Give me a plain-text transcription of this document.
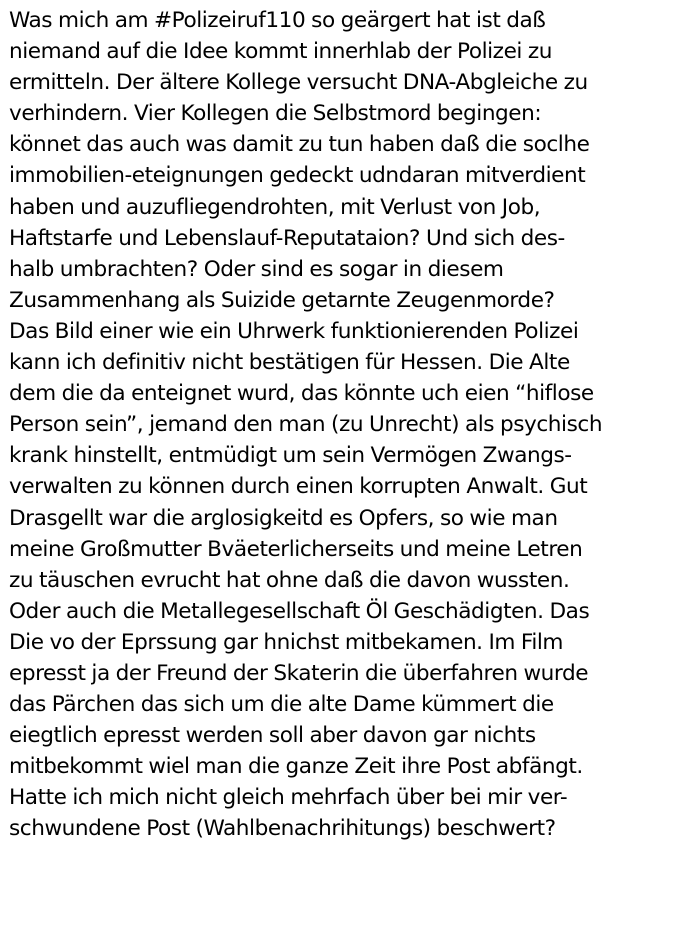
Was mich am #Polizeiruf110 so geärgert hat ist daß
niemand auf die Idee kommt innerhlab der Polizei zu
ermitteln. Der ältere Kollege versucht DNA-Abgleiche zu
verhindern. Vier Kollegen die Selbstmord begingen:
könnet das auch was damit zu tun haben daß die soclhe
immobilien-eteignungen gedeckt udndaran mitverdient
haben und auzufliegendrohten, mit Verlust von Job,
Haftstarfe und Lebenslauf-Reputataion? Und sich des-
halb umbrachten? Oder sind es sogar in diesem
Zusammenhang als Suizide getarnte Zeugenmorde?
Das Bild einer wie ein Uhrwerk funktionierenden Polizei
kann ich definitiv nicht bestätigen für Hessen. Die Alte
dem die da enteignet wurd, das könnte uch eien “hiflose
Person sein”, jemand den man (zu Unrecht) als psychisch
krank hinstellt, entmüdigt um sein Vermögen Zwangs-
verwalten zu können durch einen korrupten Anwalt. Gut
Drasgellt war die arglosigkeitd es Opfers, so wie man
meine Großmutter Bväeterlicherseits und meine Letren
zu täuschen evrucht hat ohne daß die davon wussten.
Oder auch die Metallegesellschaft Öl Geschädigten. Das
Die vo der Eprssung gar hnichst mitbekamen. Im Film
epresst ja der Freund der Skaterin die überfahren wurde
das Pärchen das sich um die alte Dame kümmert die
eiegtlich epresst werden soll aber davon gar nichts
mitbekommt wiel man die ganze Zeit ihre Post abfängt.
Hatte ich mich nicht gleich mehrfach über bei mir ver-
schwundene Post (Wahlbenachrihitungs) beschwert?
